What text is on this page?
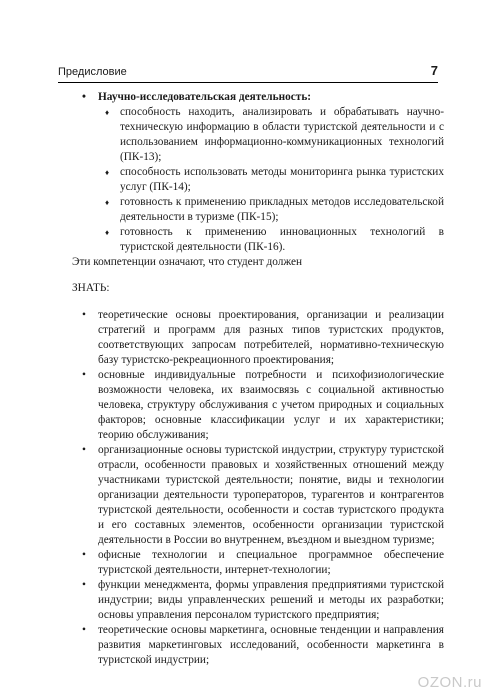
Предисловие	7
• Научно-исследовательская деятельность:
♦ способность находить, анализировать и обрабатывать научно-техническую информацию в области туристской деятельности и с использованием информационно-коммуникационных технологий (ПК-13);
♦ способность использовать методы мониторинга рынка туристских услуг (ПК-14);
♦ готовность к применению прикладных методов исследовательской деятельности в туризме (ПК-15);
♦ готовность к применению инновационных технологий в туристской деятельности (ПК-16).

Эти компетенции означают, что студент должен

ЗНАТЬ:

• теоретические основы проектирования, организации и реализации стратегий и программ для разных типов туристских продуктов, соответствующих запросам потребителей, нормативно-техническую базу туристско-рекреационного проектирования;
• основные индивидуальные потребности и психофизиологические возможности человека, их взаимосвязь с социальной активностью человека, структуру обслуживания с учетом природных и социальных факторов; основные классификации услуг и их характеристики; теорию обслуживания;
• организационные основы туристской индустрии, структуру туристской отрасли, особенности правовых и хозяйственных отношений между участниками туристской деятельности; понятие, виды и технологии организации деятельности туроператоров, турагентов и контрагентов туристской деятельности, особенности и состав туристского продукта и его составных элементов, особенности организации туристской деятельности в России во внутреннем, въездном и выездном туризме;
• офисные технологии и специальное программное обеспечение туристской деятельности, интернет-технологии;
• функции менеджмента, формы управления предприятиями туристской индустрии; виды управленческих решений и методы их разработки; основы управления персоналом туристского предприятия;
• теоретические основы маркетинга, основные тенденции и направления развития маркетинговых исследований, особенности маркетинга в туристской индустрии;
OZON.ru
